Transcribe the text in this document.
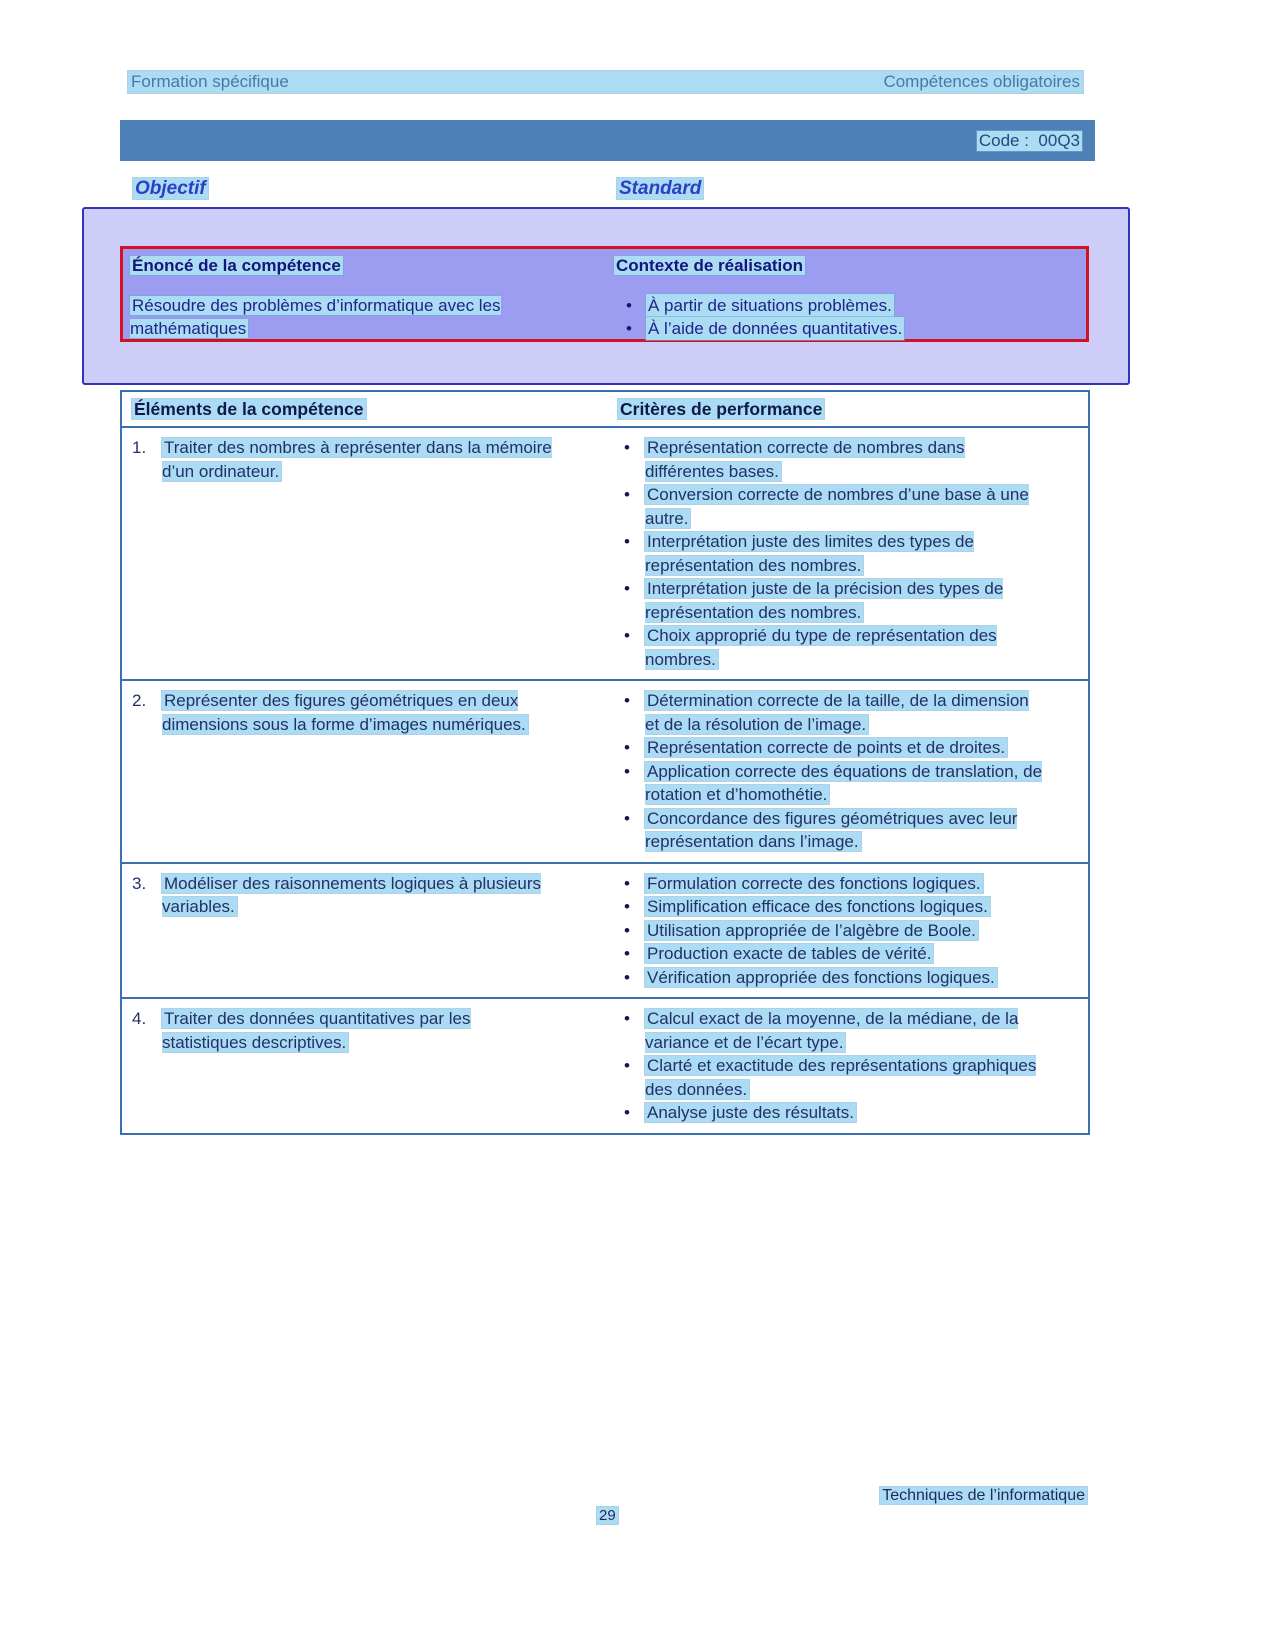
Formation spécifique	Compétences obligatoires
Code :  00Q3
Objectif	Standard
Énoncé de la compétence	Contexte de réalisation
Résoudre des problèmes d’informatique avec les mathématiques
• À partir de situations problèmes.
• À l’aide de données quantitatives.
Éléments de la compétence	Critères de performance
1.	Traiter des nombres à représenter dans la mémoire d’un ordinateur.
•	Représentation correcte de nombres dans différentes bases.
•	Conversion correcte de nombres d’une base à une autre.
•	Interprétation juste des limites des types de représentation des nombres.
•	Interprétation juste de la précision des types de représentation des nombres.
•	Choix approprié du type de représentation des nombres.
2.	Représenter des figures géométriques en deux dimensions sous la forme d’images numériques.
•	Détermination correcte de la taille, de la dimension et de la résolution de l’image.
•	Représentation correcte de points et de droites.
•	Application correcte des équations de translation, de rotation et d’homothétie.
•	Concordance des figures géométriques avec leur représentation dans l’image.
3.	Modéliser des raisonnements logiques à plusieurs variables.
•	Formulation correcte des fonctions logiques.
•	Simplification efficace des fonctions logiques.
•	Utilisation appropriée de l’algèbre de Boole.
•	Production exacte de tables de vérité.
•	Vérification appropriée des fonctions logiques.
4.	Traiter des données quantitatives par les statistiques descriptives.
•	Calcul exact de la moyenne, de la médiane, de la variance et de l’écart type.
•	Clarté et exactitude des représentations graphiques des données.
•	Analyse juste des résultats.
Techniques de l’informatique
29
